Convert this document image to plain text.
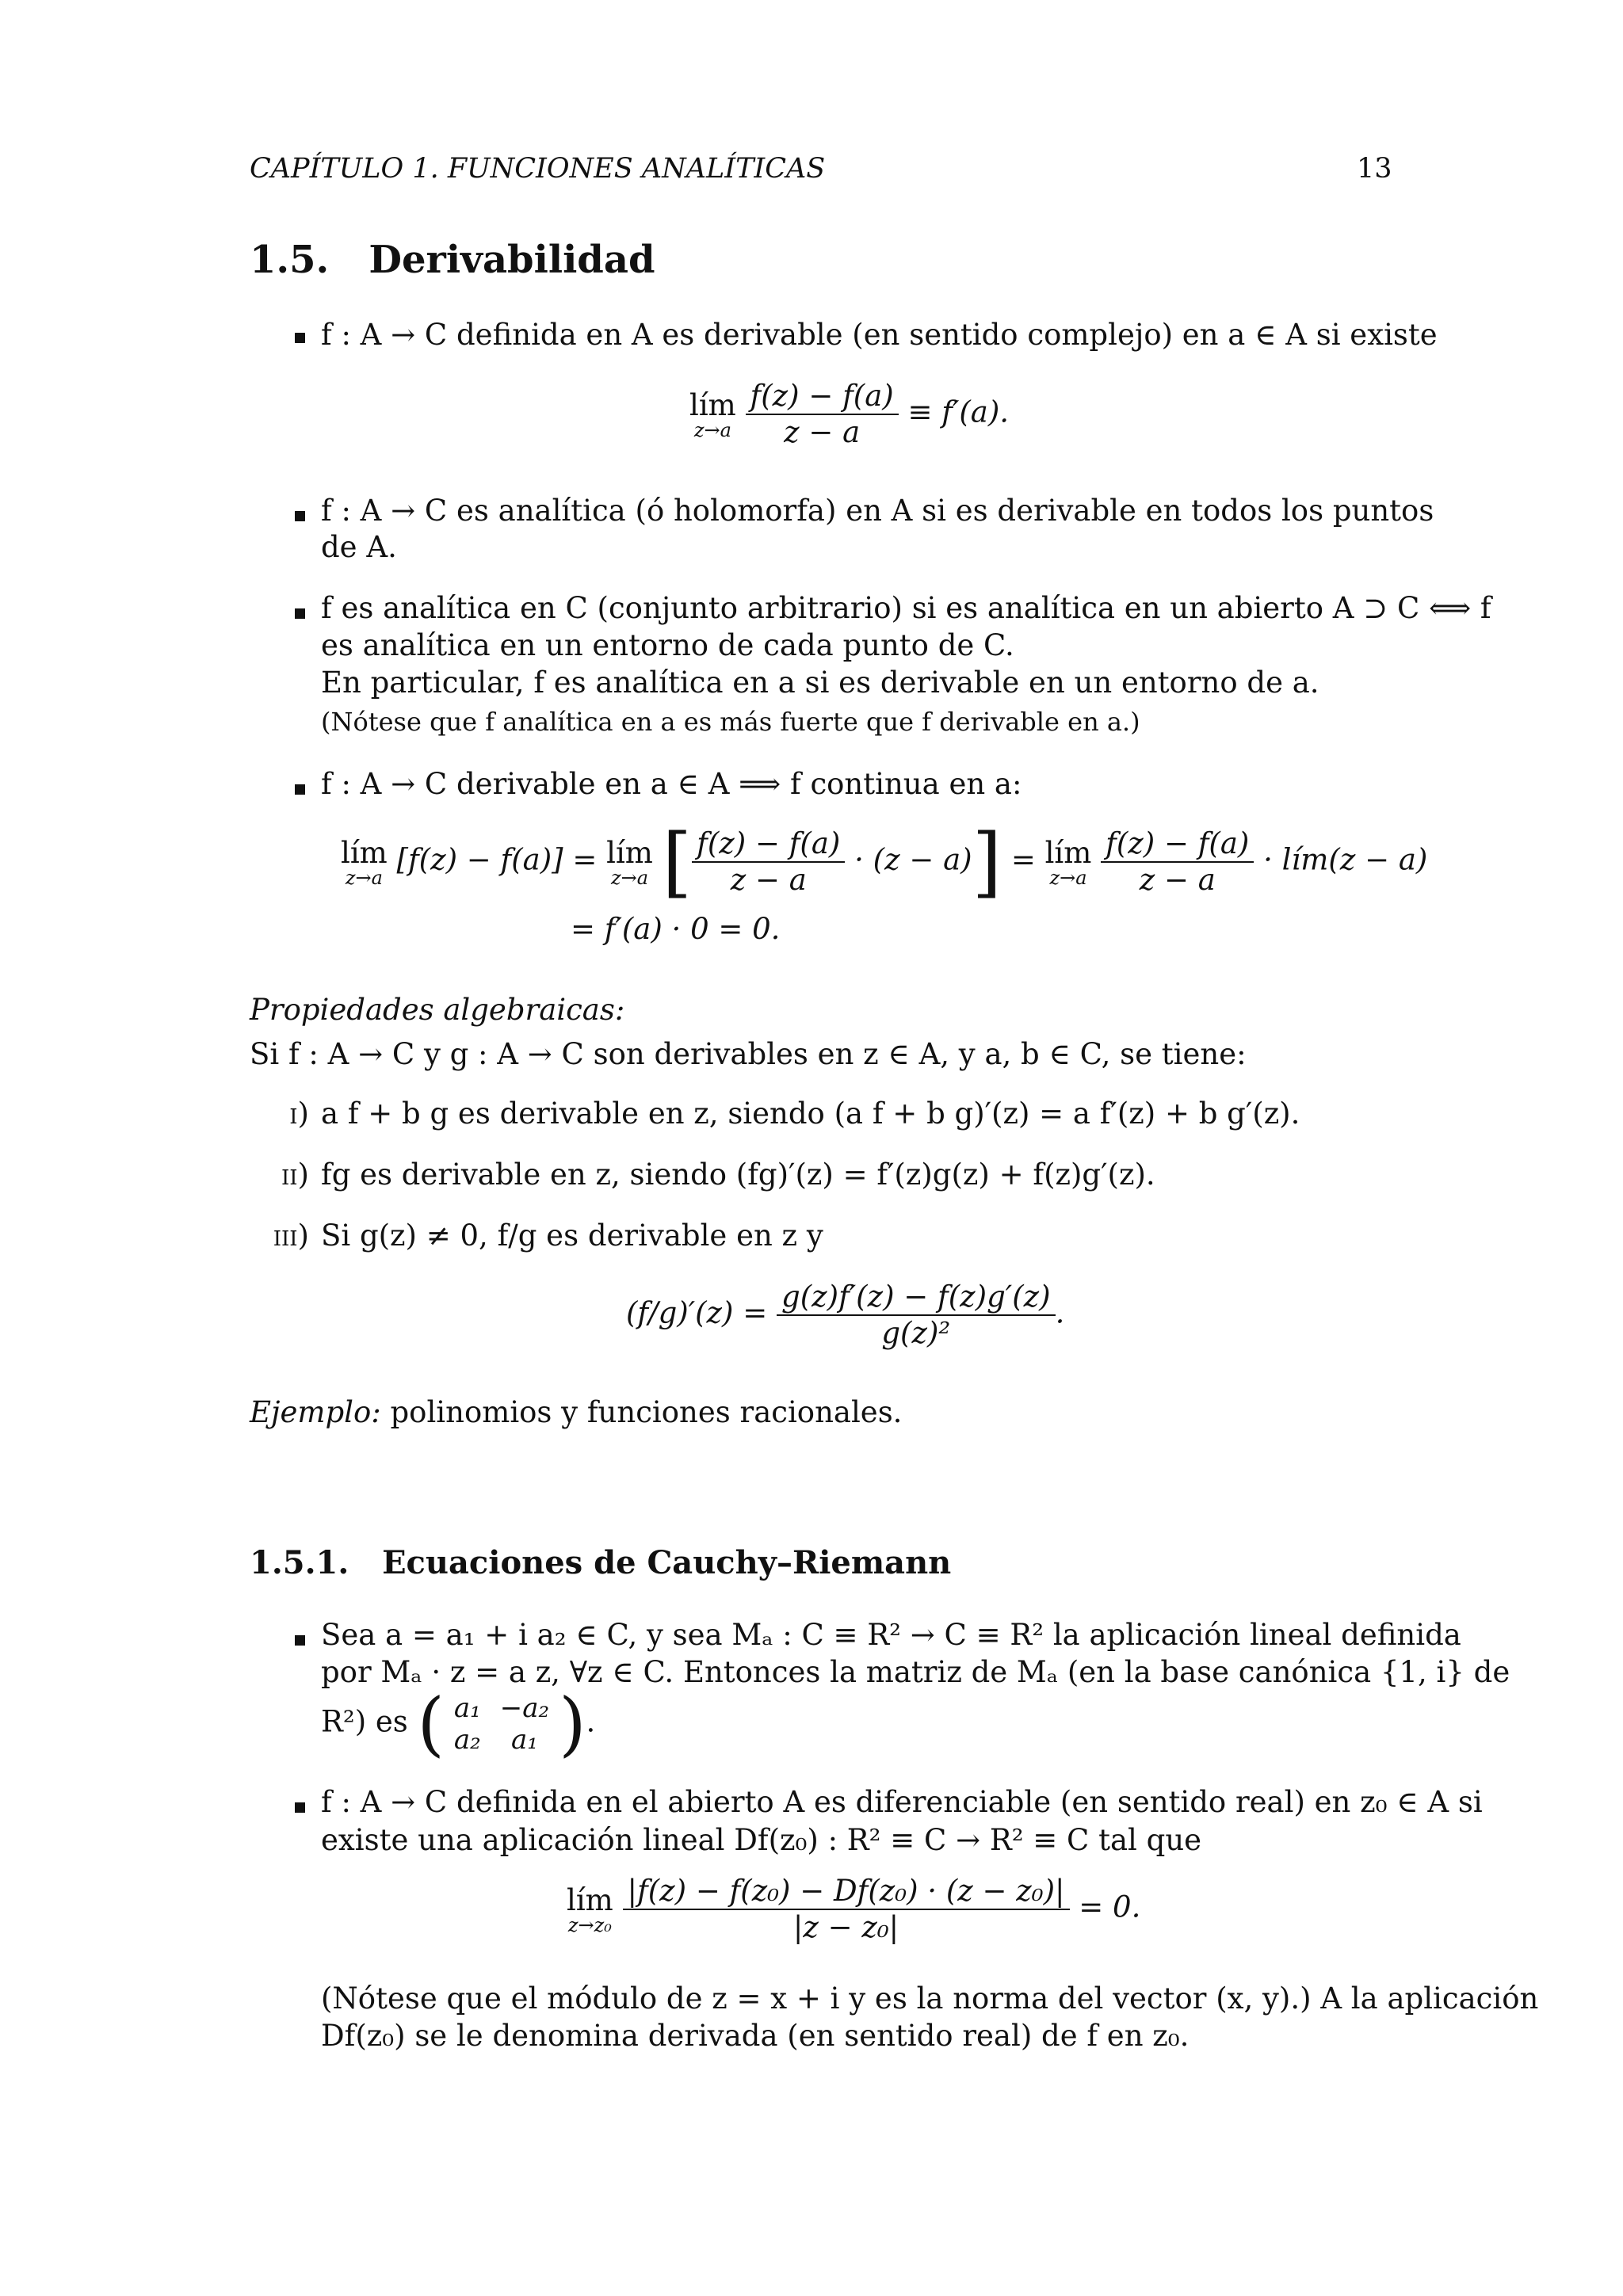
CAPÍTULO 1. FUNCIONES ANALÍTICAS	13
1.5. Derivabilidad
f : A → C definida en A es derivable (en sentido complejo) en a ∈ A si existe
lím
z→a
$\frac{f(z) - f(a)}{z - a} \equiv f'(a)$.
f : A → C es analítica (ó holomorfa) en A si es derivable en todos los puntos
de A.
f es analítica en C (conjunto arbitrario) si es analítica en un abierto A ⊃ C ⟺ f
es analítica en un entorno de cada punto de C.
En particular, f es analítica en a si es derivable en un entorno de a.
(Nótese que f analítica en a es más fuerte que f derivable en a.)
f : A → C derivable en a ∈ A ⟹ f continua en a:
lím
z→a
[f(z) − f(a)] = lím
z→a [ $\frac{f(z) - f(a)}{z - a} \cdot (z - a)$] = lím
z→a
$\frac{f(z) - f(a)}{z - a}$ · lím(z − a)
= f′(a) · 0 = 0.
Propiedades algebraicas:
Si f : A → C y g : A → C son derivables en z ∈ A, y a, b ∈ C, se tiene:
i) a f + b g es derivable en z, siendo (a f + b g)′(z) = a f′(z) + b g′(z).
ii) fg es derivable en z, siendo (fg)′(z) = f′(z)g(z) + f(z)g′(z).
iii) Si g(z) ≠ 0, f/g es derivable en z y
$(f/g)'(z) = \frac{g(z)f'(z) - f(z)g'(z)}{\text{g(z)²}}$ .
Ejemplo: polinomios y funciones racionales.
1.5.1. Ecuaciones de Cauchy–Riemann
Sea a = a₁ + i a₂ ∈ C, y sea Mₐ : C ≡ R² → C ≡ R² la aplicación lineal definida
por Mₐ · z = a z, ∀z ∈ C. Entonces la matriz de Mₐ (en la base canónica {1, i} de
R²) es ( a₁	−a₂
a₂	a₁ ).
f : A → C definida en el abierto A es diferenciable (en sentido real) en z₀ ∈ A si
existe una aplicación lineal Df(z₀) : R² ≡ C → R² ≡ C tal que
lím
z→z₀
$\frac{\text{|f(z) − f(z₀) − Df(z₀) · (z − z₀)|}}{\text{|z − z₀|}} = 0$.
(Nótese que el módulo de z = x + i y es la norma del vector (x, y).) A la aplicación
Df(z₀) se le denomina derivada (en sentido real) de f en z₀.
